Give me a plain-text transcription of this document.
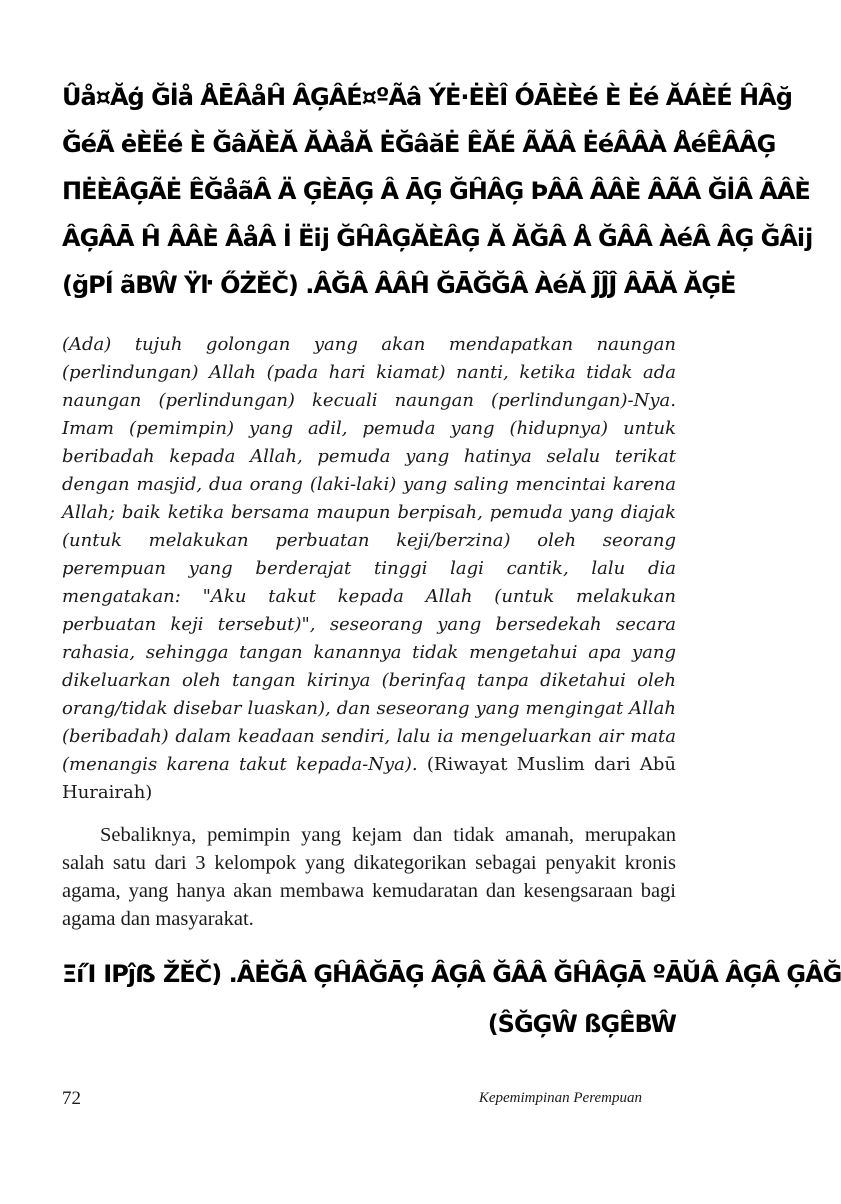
Ûå¤Ăģ Ğİå ÅĒÂåĤ ÂĢÂÉ¤ºÃâ ÝĖ·ĖÈÎ ÓĀÈÈé È Ėé ĂÁÈÉ ĤÂğ
ĞéÃ ėÈËé È ĞâĂÈĂ ĂÀåĂ ĖĞâăĖ ÊĂÉ ÃĂÂ ĖéÂÂÀ ÅéÊÂÂĢ
ΠĖÈÂĢÃĖ ÊĞåãÂ Ä ĢÈĀĢ Â ĀĢ ĞĤÂĢ ÞÂÂ ÂÂÈ ÂÃÂ ĞİÂ ÂÂÈ
ÂĢÂĀ Ĥ ÂÂÈ ÂåÂ İ Ëĳ ĞĤÂĢĂÈÂĢ Ă ĂĞÂ Å ĞÂÂ ÀéÂ ÂĢ ĞÂĳ
(ğPÍ ãBŴ Ÿŀ ŐŻĚČ) .ÂĞÂ ÂÂĤ ĞĀĞĞÂ ÀéĂ ĴĴĴ ÂĀĂ ĂĢĖ
(Ada) tujuh golongan yang akan mendapatkan naungan (perlindungan) Allah (pada hari kiamat) nanti, ketika tidak ada naungan (perlindungan) kecuali naungan (perlindungan)-Nya. Imam (pemimpin) yang adil, pemuda yang (hidupnya) untuk beribadah kepada Allah, pemuda yang hatinya selalu terikat dengan masjid, dua orang (laki-laki) yang saling mencintai karena Allah; baik ketika bersama maupun berpisah, pemuda yang diajak (untuk melakukan perbuatan keji/berzina) oleh seorang perempuan yang berderajat tinggi lagi cantik, lalu dia mengatakan: "Aku takut kepada Allah (untuk melakukan perbuatan keji tersebut)", seseorang yang bersedekah secara rahasia, sehingga tangan kanannya tidak mengetahui apa yang dikeluarkan oleh tangan kirinya (berinfaq tanpa diketahui oleh orang/tidak disebar luaskan), dan seseorang yang mengingat Allah (beribadah) dalam keadaan sendiri, lalu ia mengeluarkan air mata (menangis karena takut kepada-Nya). (Riwayat Muslim dari Abū Hurairah)
Sebaliknya, pemimpin yang kejam dan tidak amanah, merupakan salah satu dari 3 kelompok yang dikategorikan sebagai penyakit kronis agama, yang hanya akan membawa kemudaratan dan kesengsaraan bagi agama dan masyarakat.
ΞíΊ ΙΡĵẞ ŽĚČ) .ÂĖĞÂ ĢĤÂĞĀĢ ÂĢÂ ĞÂÂ ĞĤÂĢĀ ºĀŬÂ ÂĢÂ ĢÂĞ
(ŜĞĢŴ ßĢÊBŴ
72	Kepemimpinan Perempuan
